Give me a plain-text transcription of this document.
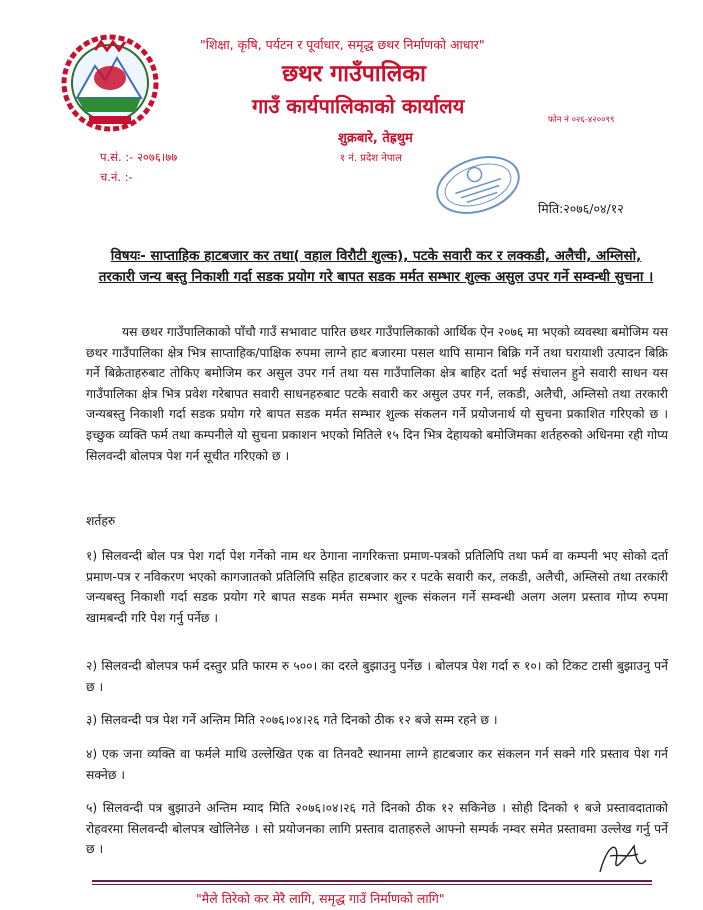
"शिक्षा, कृषि, पर्यटन र पूर्वाधार, समृद्ध छथर निर्माणको आधार"
छथर गाउँपालिका
गाउँ कार्यपालिकाको कार्यालय
फोन नं ०२६-४२००९९
शुक्रबारे, तेह्रथुम
१ नं. प्रदेश नेपाल
प.सं. :- २०७६।७७
च.नं. :-
मिति:२०७६/०४/१२
विषयः- साप्ताहिक हाटबजार कर तथा( वहाल विरौटी शुल्क), पटके सवारी कर र लक्कडी, अलैची, अम्लिसो, तरकारी जन्य बस्तु निकाशी गर्दा सडक प्रयोग गरे बापत सडक मर्मत सम्भार शुल्क असुल उपर गर्ने सम्वन्धी सुचना ।
यस छथर गाउँपालिकाको पाँचौ गाउँ सभावाट पारित छथर गाउँपालिकाको आर्थिक ऐन २०७६ मा भएको व्यवस्था बमोजिम यस छथर गाउँपालिका क्षेत्र भित्र साप्ताहिक/पाक्षिक रुपमा लाग्ने हाट बजारमा पसल थापि सामान बिक्रि गर्ने तथा घरायाशी उत्पादन बिक्रि गर्ने बिक्रेताहरुबाट तोकिए बमोजिम कर असुल उपर गर्न तथा यस गाउँपालिका क्षेत्र बाहिर दर्ता भई संचालन हुने सवारी साधन यस गाउँपालिका क्षेत्र भित्र प्रवेश गरेबापत सवारी साधनहरुबाट पटके सवारी कर असुल उपर गर्न, लकडी, अलैची, अम्लिसो तथा तरकारी जन्यबस्तु निकाशी गर्दा सडक प्रयोग गरे बापत सडक मर्मत सम्भार शुल्क संकलन गर्ने प्रयोजनार्थ यो सुचना प्रकाशित गरिएको छ । इच्छुक व्यक्ति फर्म तथा कम्पनीले यो सुचना प्रकाशन भएको मितिले १५ दिन भित्र देहायको बमोजिमका शर्तहरुको अधिनमा रही गोप्य सिलवन्दी बोलपत्र पेश गर्न सूचीत गरिएको छ ।
शर्तहरु
१) सिलवन्दी बोल पत्र पेश गर्दा पेश गर्नेको नाम थर ठेगाना नागरिकत्ता प्रमाण-पत्रको प्रतिलिपि तथा फर्म वा कम्पनी भए सोको दर्ता प्रमाण-पत्र र नविकरण भएको कागजातको प्रतिलिपि सहित हाटबजार कर र पटके सवारी कर, लकडी, अलैची, अम्लिसो तथा तरकारी जन्यबस्तु निकाशी गर्दा सडक प्रयोग गरे बापत सडक मर्मत सम्भार शुल्क संकलन गर्ने सम्वन्धी अलग अलग प्रस्ताव गोप्य रुपमा खामबन्दी गरि पेश गर्नु पर्नेछ ।
२) सिलवन्दी बोलपत्र फर्म दस्तुर प्रति फारम रु ५००। का दरले बुझाउनु पर्नेछ । बोलपत्र पेश गर्दा रु १०। को टिकट टासी बुझाउनु पर्ने छ ।
३) सिलवन्दी पत्र पेश गर्ने अन्तिम मिति २०७६।०४।२६ गते दिनको ठीक १२ बजे सम्म रहने छ ।
४) एक जना व्यक्ति वा फर्मले माथि उल्लेखित एक वा तिनवटै स्थानमा लाग्ने हाटबजार कर संकलन गर्न सक्ने गरि प्रस्ताव पेश गर्न सक्नेछ ।
५) सिलवन्दी पत्र बुझाउने अन्तिम म्याद मिति २०७६।०४।२६ गते दिनको ठीक १२ सकिनेछ । सोही दिनको १ बजे प्रस्तावदाताको रोहवरमा सिलवन्दी बोलपत्र खोलिनेछ । सो प्रयोजनका लागि प्रस्ताव दाताहरुले आफ्नो सम्पर्क नम्वर समेत प्रस्तावमा उल्लेख गर्नु पर्ने छ ।
"मैले तिरेको कर मेरै लागि, समृद्ध गाउँ निर्माणको लागि"
